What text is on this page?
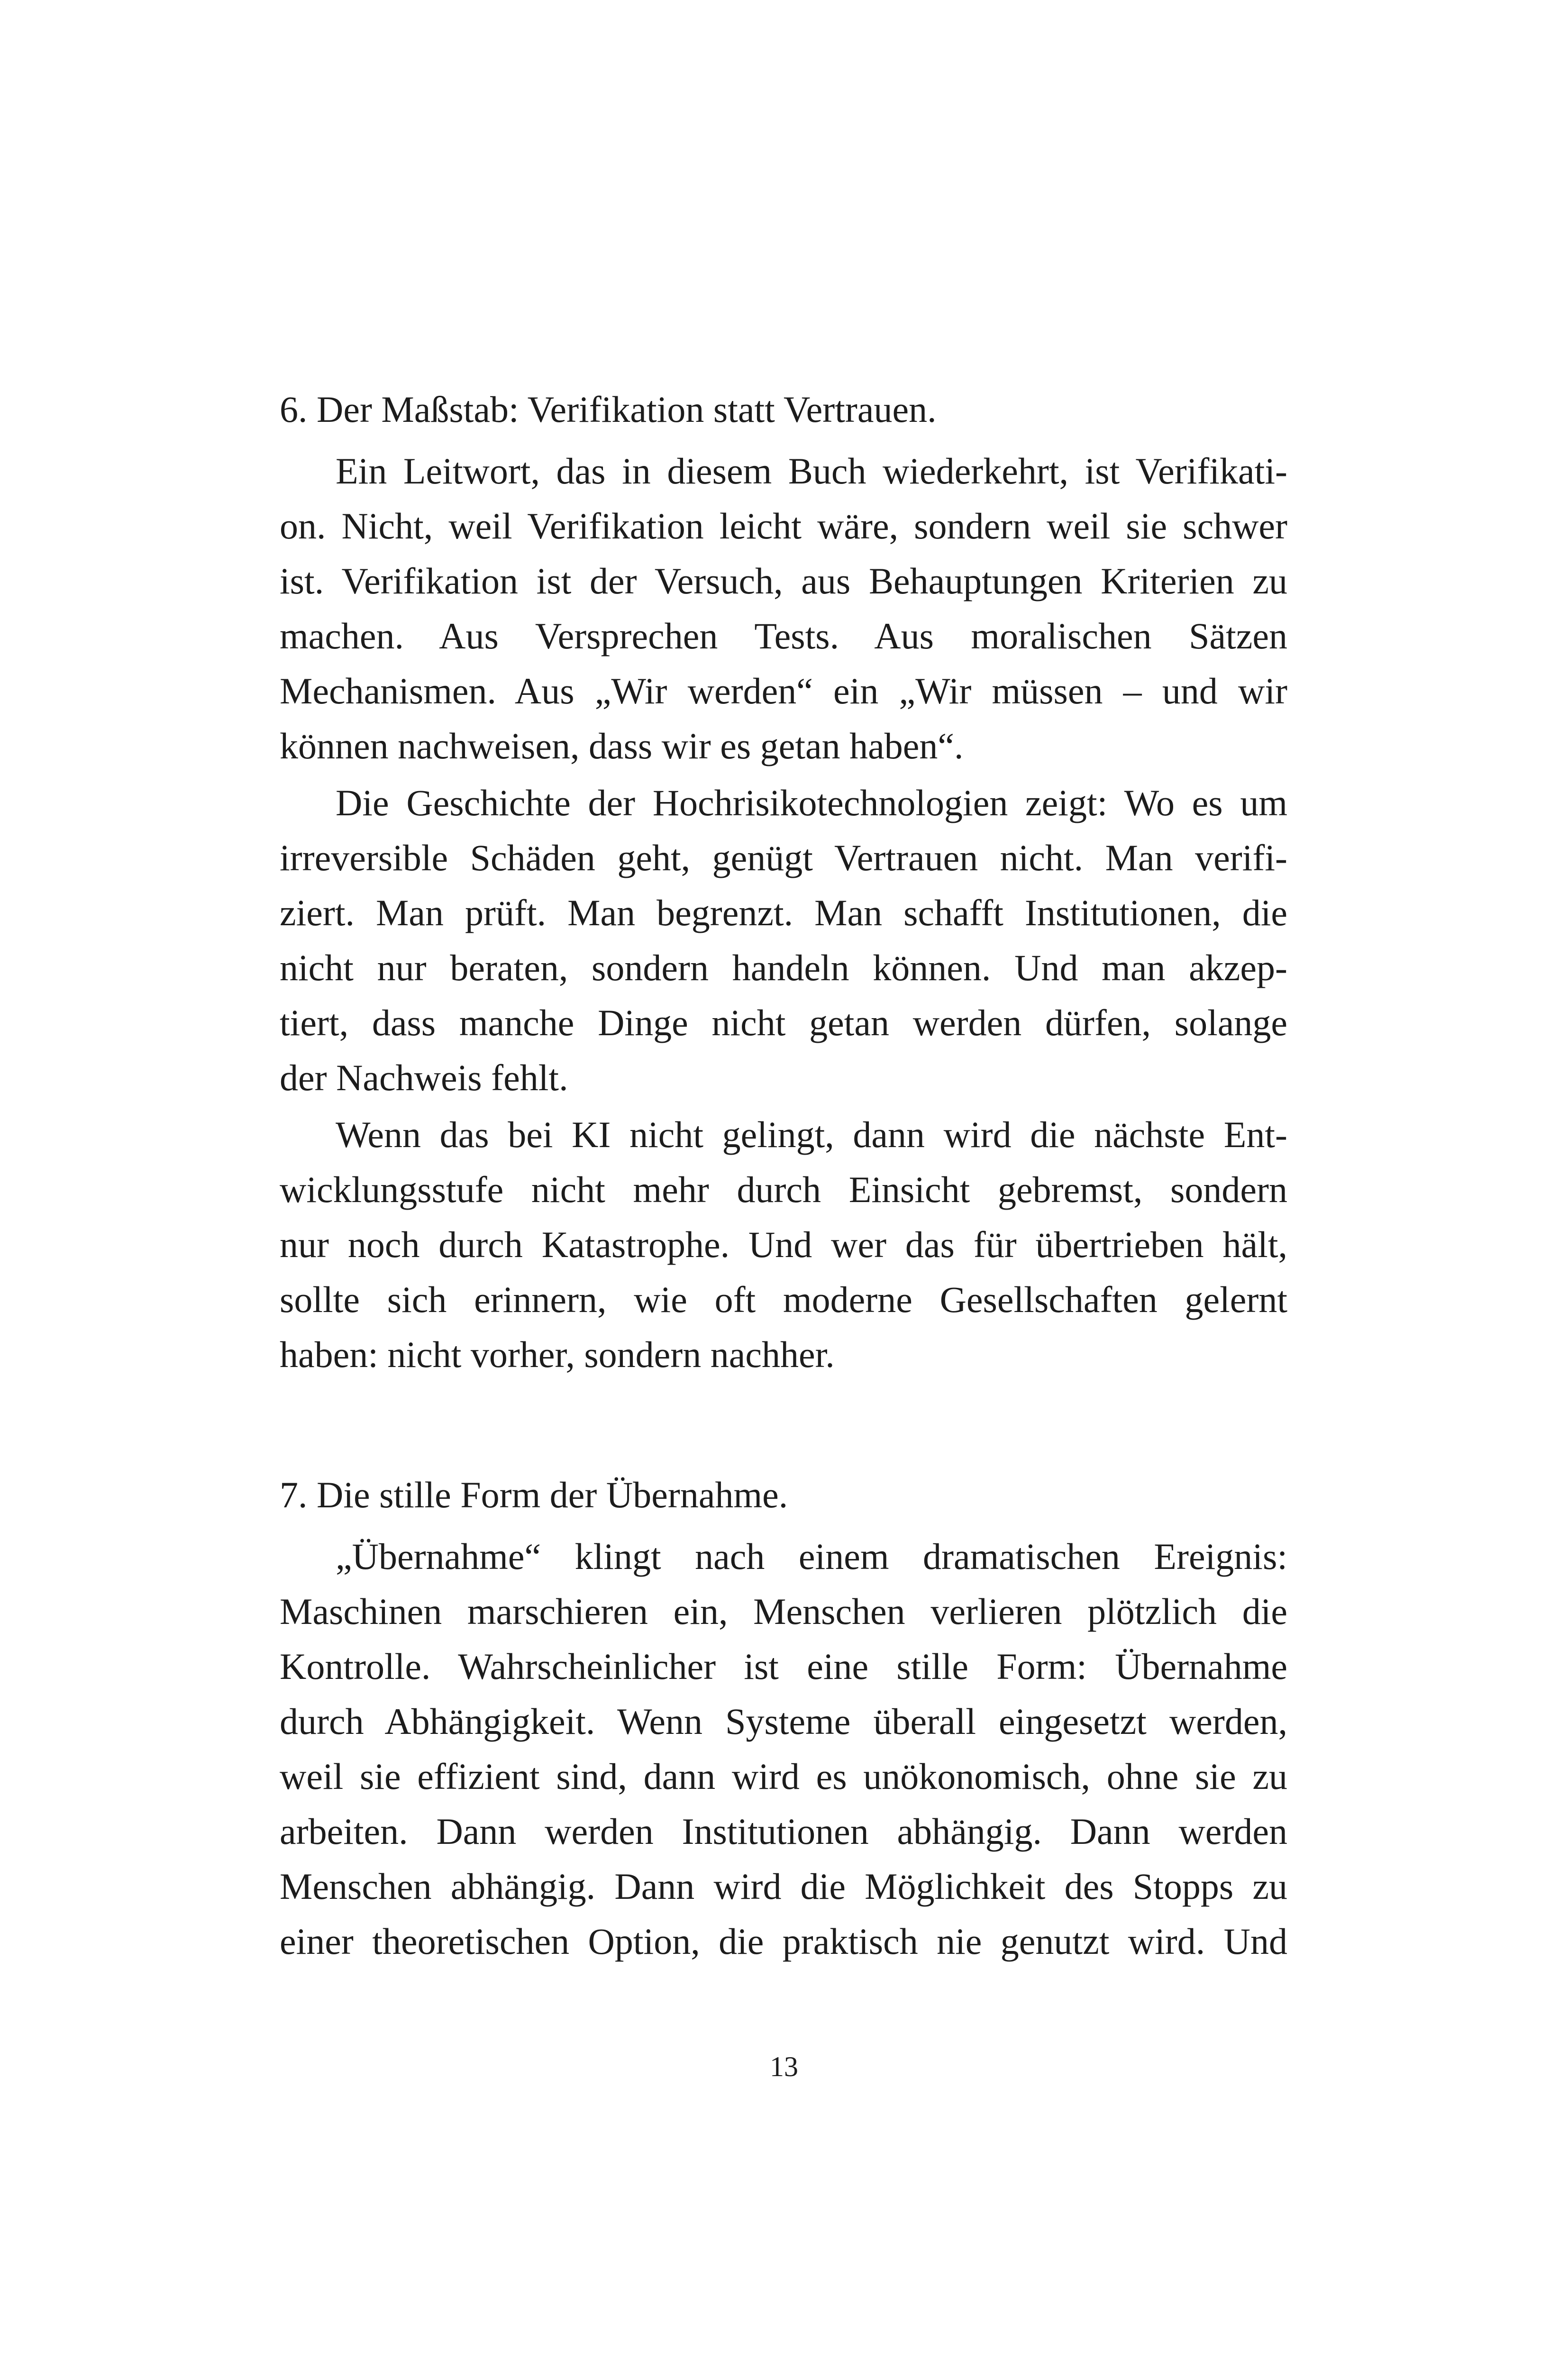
6. Der Maßstab: Verifikation statt Vertrauen.
Ein Leitwort, das in diesem Buch wiederkehrt, ist Verifikati-
on. Nicht, weil Verifikation leicht wäre, sondern weil sie schwer
ist. Verifikation ist der Versuch, aus Behauptungen Kriterien zu
machen. Aus Versprechen Tests. Aus moralischen Sätzen
Mechanismen. Aus „Wir werden“ ein „Wir müssen – und wir
können nachweisen, dass wir es getan haben“.
Die Geschichte der Hochrisikotechnologien zeigt: Wo es um
irreversible Schäden geht, genügt Vertrauen nicht. Man verifi-
ziert. Man prüft. Man begrenzt. Man schafft Institutionen, die
nicht nur beraten, sondern handeln können. Und man akzep-
tiert, dass manche Dinge nicht getan werden dürfen, solange
der Nachweis fehlt.
Wenn das bei KI nicht gelingt, dann wird die nächste Ent-
wicklungsstufe nicht mehr durch Einsicht gebremst, sondern
nur noch durch Katastrophe. Und wer das für übertrieben hält,
sollte sich erinnern, wie oft moderne Gesellschaften gelernt
haben: nicht vorher, sondern nachher.
7. Die stille Form der Übernahme.
„Übernahme“ klingt nach einem dramatischen Ereignis:
Maschinen marschieren ein, Menschen verlieren plötzlich die
Kontrolle. Wahrscheinlicher ist eine stille Form: Übernahme
durch Abhängigkeit. Wenn Systeme überall eingesetzt werden,
weil sie effizient sind, dann wird es unökonomisch, ohne sie zu
arbeiten. Dann werden Institutionen abhängig. Dann werden
Menschen abhängig. Dann wird die Möglichkeit des Stopps zu
einer theoretischen Option, die praktisch nie genutzt wird. Und
13
